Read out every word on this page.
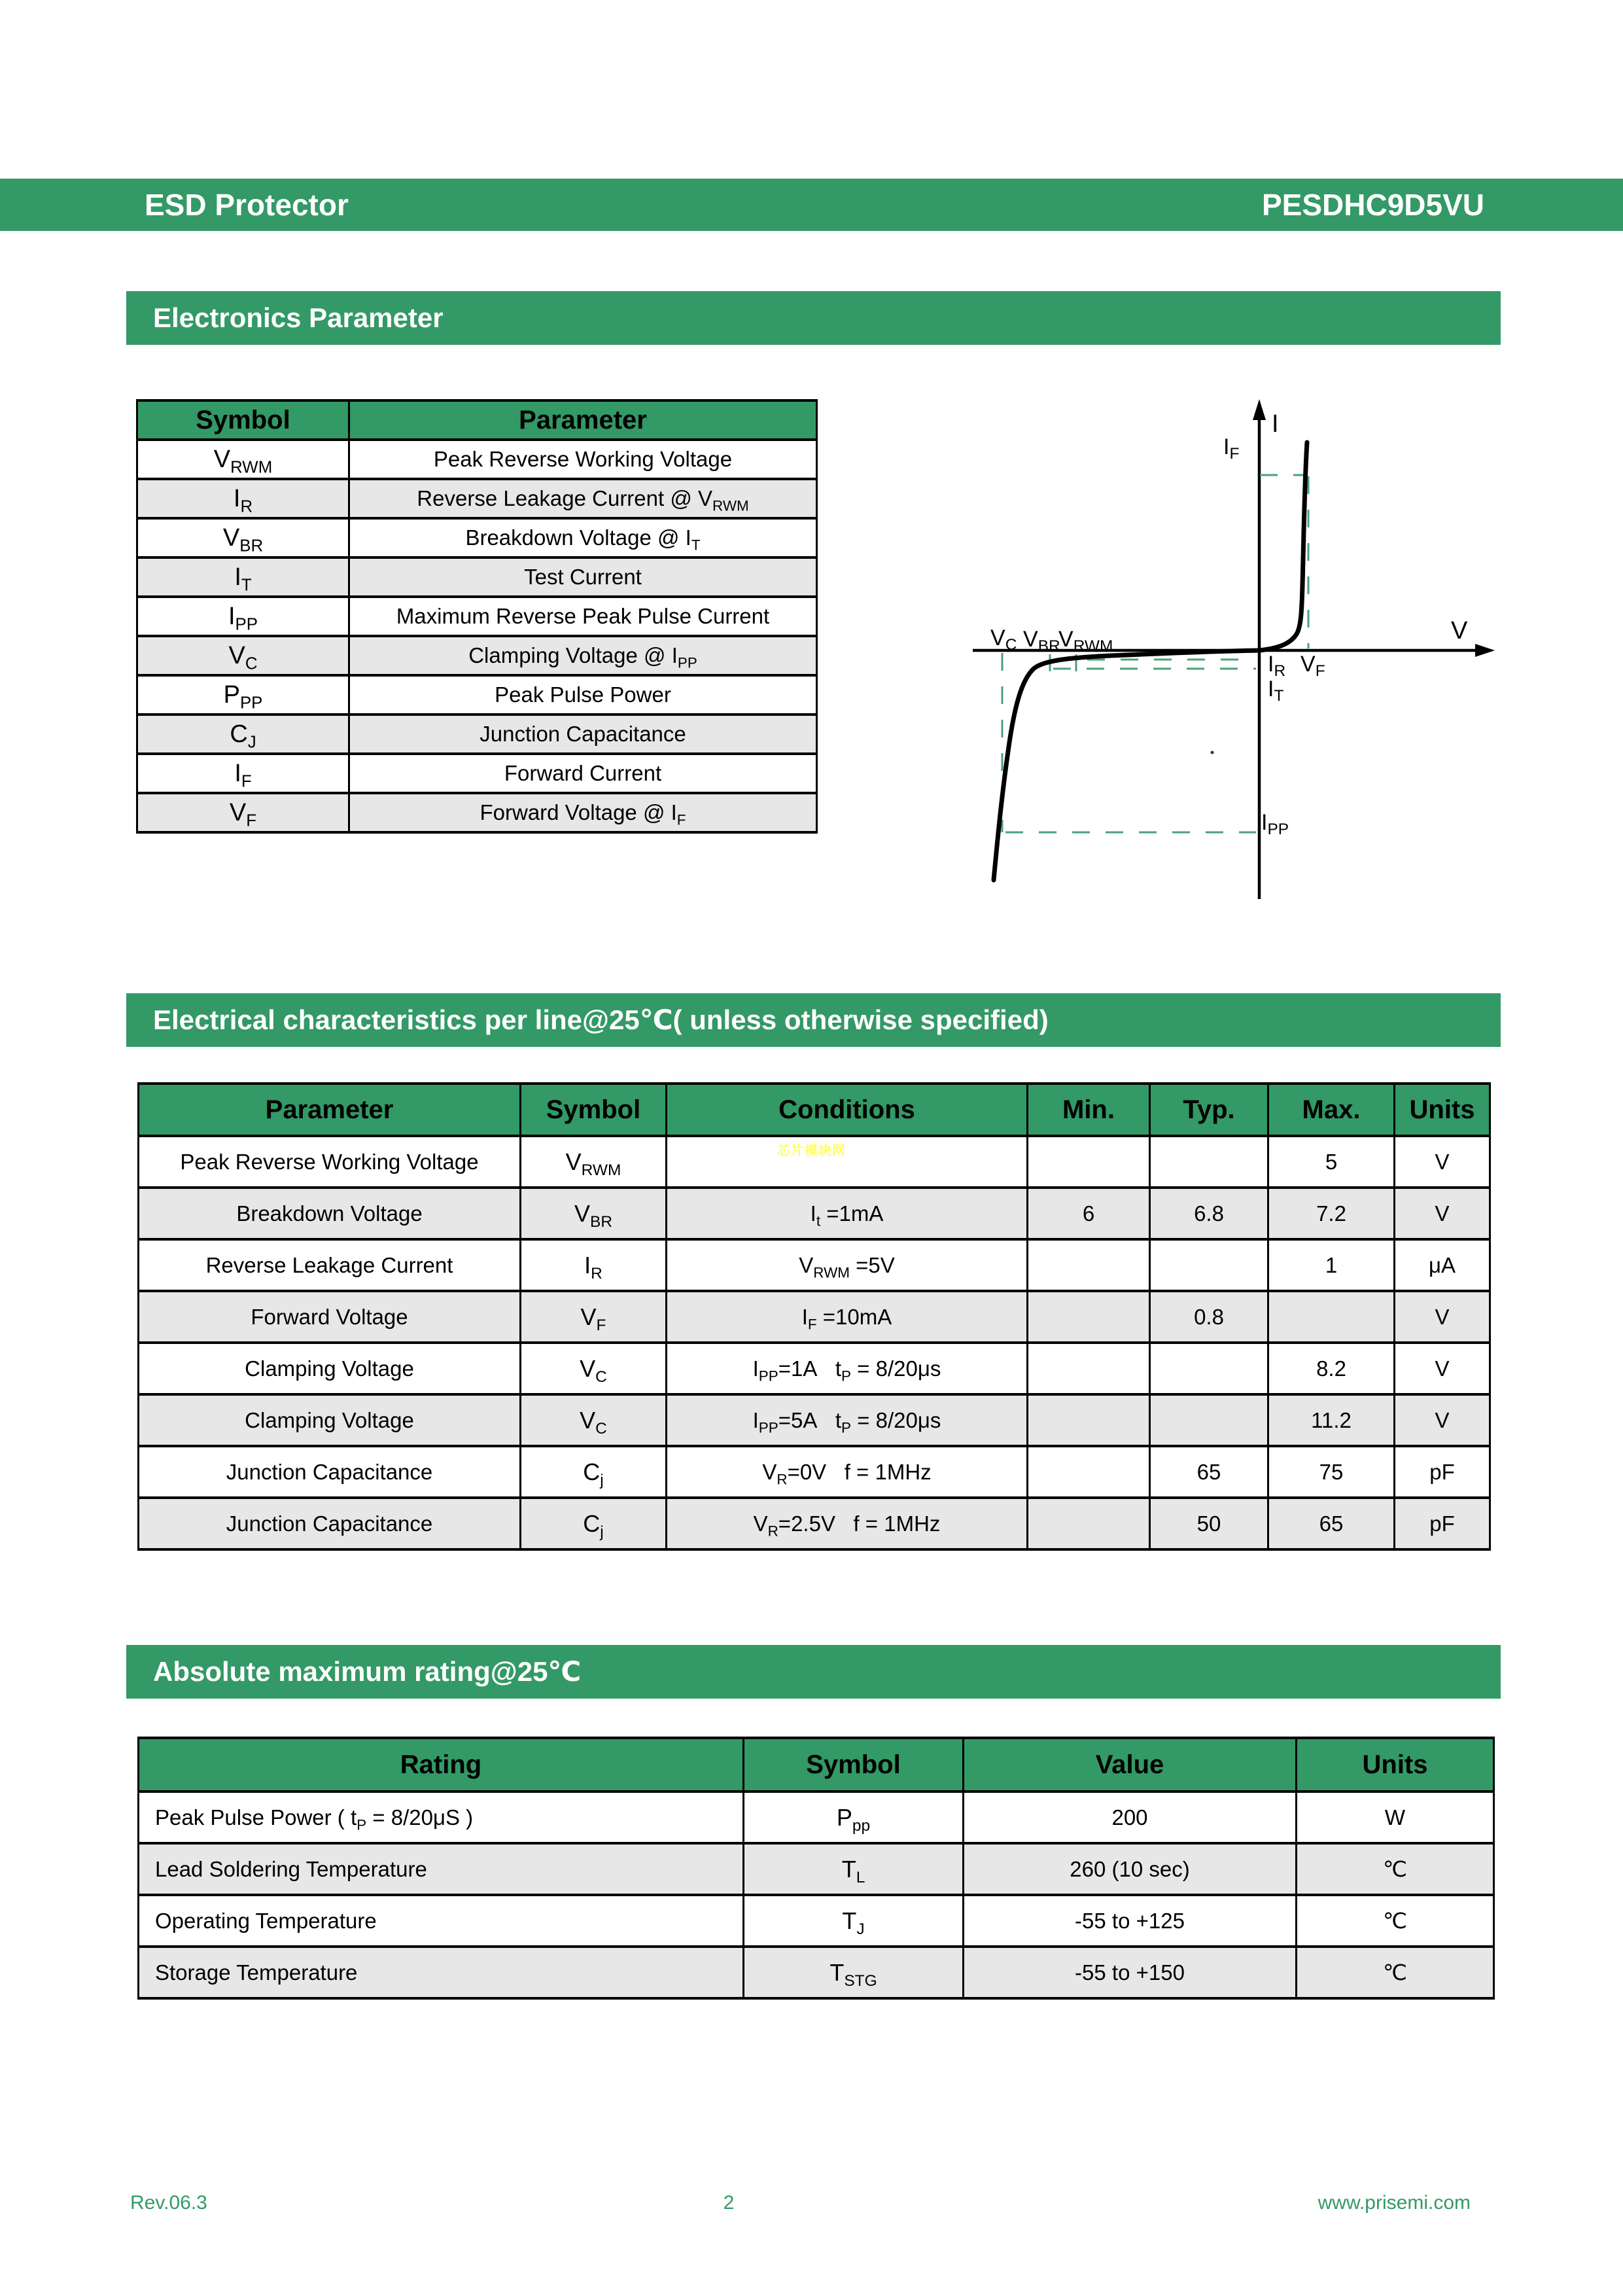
ESD Protector	PESDHC9D5VU
Electronics Parameter
Symbol	Parameter
$V_{RWM}$	Peak Reverse Working Voltage
$I_R$	Reverse Leakage Current @ $V_{RWM}$
$V_{BR}$	Breakdown Voltage @ $I_T$
$I_T$	Test Current
$I_{PP}$	Maximum Reverse Peak Pulse Current
$V_C$	Clamping Voltage @ $I_{PP}$
$P_{PP}$	Peak Pulse Power
$C_J$	Junction Capacitance
$I_F$	Forward Current
$V_F$	Forward Voltage @ $I_F$
I
$I_F$
V
$V_C$ $V_{BR}$
$V_{RWM}$
$I_R$ $V_F$
$I_T$
$I_{PP}$
Electrical characteristics per line@25℃( unless otherwise specified)
Parameter	Symbol	Conditions	Min.	Typ.	Max.	Units
Peak Reverse Working Voltage	$V_{RWM}$				5	V
Breakdown Voltage	$V_{BR}$	$I_t =1mA$	6	6.8	7.2	V
Reverse Leakage Current	$I_R$	$V_{RWM} =5V$			1	μA
Forward Voltage	$V_F$	$I_F =10mA$		0.8		V
Clamping Voltage	$V_C$	$I_{PP}=1A$   $t_P = 8/20\mu s$			8.2	V
Clamping Voltage	$V_C$	$I_{PP}=5A$   $t_P = 8/20\mu s$			11.2	V
Junction Capacitance	$C_j$	$V_R=0V$   f = 1MHz		65	75	pF
Junction Capacitance	$C_j$	$V_R=2.5V$   f = 1MHz		50	65	pF
芯片模块网
Absolute maximum rating@25℃
Rating	Symbol	Value	Units
Peak Pulse Power ( $t_P = 8/20\mu S$ )	$P_{pp}$	200	W
Lead Soldering Temperature	$T_L$	260 (10 sec)	℃
Operating Temperature	$T_J$	-55 to +125	℃
Storage Temperature	$T_{STG}$	-55 to +150	℃
Rev.06.3	2	www.prisemi.com
